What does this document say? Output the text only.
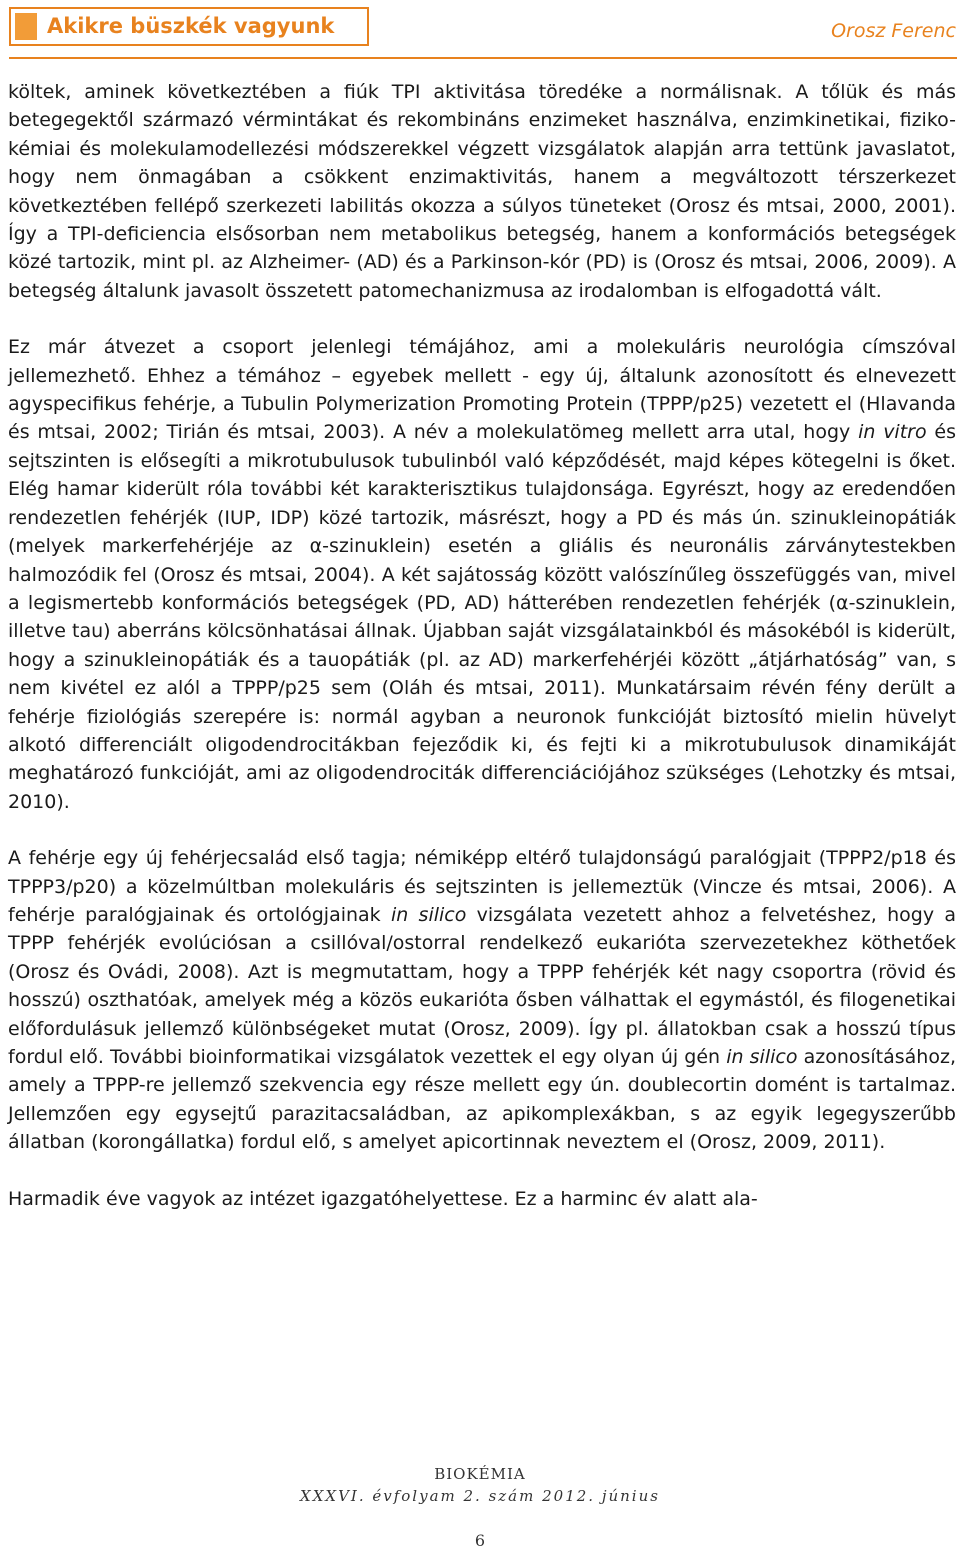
Akikre büszkék vagyunk	Orosz Ferenc

költek, aminek következtében a fiúk TPI aktivitása töredéke a normálisnak. A tőlük és más betegegektől származó vérmintákat és rekombináns enzimeket használva, enzimkinetikai, fiziko-kémiai és molekulamodellezési módszerekkel végzett vizsgálatok alapján arra tettünk javaslatot, hogy nem önmagában a csökkent enzimaktivitás, hanem a megváltozott térszerkezet következtében fellépő szerkezeti labilitás okozza a súlyos tüneteket (Orosz és mtsai, 2000, 2001). Így a TPI-deficiencia elsősorban nem metabolikus betegség, hanem a konformációs betegségek közé tartozik, mint pl. az Alzheimer- (AD) és a Parkinson-kór (PD) is (Orosz és mtsai, 2006, 2009). A betegség általunk javasolt összetett patomechanizmusa az irodalomban is elfogadottá vált.

Ez már átvezet a csoport jelenlegi témájához, ami a molekuláris neurológia címszóval jellemezhető. Ehhez a témához – egyebek mellett - egy új, általunk azonosított és elnevezett agyspecifikus fehérje, a Tubulin Polymerization Promoting Protein (TPPP/p25) vezetett el (Hlavanda és mtsai, 2002; Tirián és mtsai, 2003). A név a molekulatömeg mellett arra utal, hogy in vitro és sejtszinten is elősegíti a mikrotubulusok tubulinból való képződését, majd képes kötegelni is őket. Elég hamar kiderült róla további két karakterisztikus tulajdonsága. Egyrészt, hogy az eredendően rendezetlen fehérjék (IUP, IDP) közé tartozik, másrészt, hogy a PD és más ún. szinukleinopátiák (melyek markerfehérjéje az α-szinuklein) esetén a gliális és neuronális zárványtestekben halmozódik fel (Orosz és mtsai, 2004). A két sajátosság között valószínűleg összefüggés van, mivel a legismertebb konformációs betegségek (PD, AD) hátterében rendezetlen fehérjék (α-szinuklein, illetve tau) aberráns kölcsönhatásai állnak. Újabban saját vizsgálatainkból és másokéból is kiderült, hogy a szinukleinopátiák és a tauopátiák (pl. az AD) markerfehérjéi között „átjárhatóság” van, s nem kivétel ez alól a TPPP/p25 sem (Oláh és mtsai, 2011). Munkatársaim révén fény derült a fehérje fiziológiás szerepére is: normál agyban a neuronok funkcióját biztosító mielin hüvelyt alkotó differenciált oligodendrocitákban fejeződik ki, és fejti ki a mikrotubulusok dinamikáját meghatározó funkcióját, ami az oligodendrociták differenciációjához szükséges (Lehotzky és mtsai, 2010).

A fehérje egy új fehérjecsalád első tagja; némiképp eltérő tulajdonságú paralógjait (TPPP2/p18 és TPPP3/p20) a közelmúltban molekuláris és sejtszinten is jellemeztük (Vincze és mtsai, 2006). A fehérje paralógjainak és ortológjainak in silico vizsgálata vezetett ahhoz a felvetéshez, hogy a TPPP fehérjék evolúciósan a csillóval/ostorral rendelkező eukarióta szervezetekhez köthetőek (Orosz és Ovádi, 2008). Azt is megmutattam, hogy a TPPP fehérjék két nagy csoportra (rövid és hosszú) oszthatóak, amelyek még a közös eukarióta ősben válhattak el egymástól, és filogenetikai előfordulásuk jellemző különbségeket mutat (Orosz, 2009). Így pl. állatokban csak a hosszú típus fordul elő. További bioinformatikai vizsgálatok vezettek el egy olyan új gén in silico azonosításához, amely a TPPP-re jellemző szekvencia egy része mellett egy ún. doublecortin domént is tartalmaz. Jellemzően egy egysejtű parazitacsaládban, az apikomplexákban, s az egyik legegyszerűbb állatban (korongállatka) fordul elő, s amelyet apicortinnak neveztem el (Orosz, 2009, 2011).

Harmadik éve vagyok az intézet igazgatóhelyettese. Ez a harminc év alatt ala-

BIOKÉMIA
XXXVI. évfolyam 2. szám 2012. június
6
